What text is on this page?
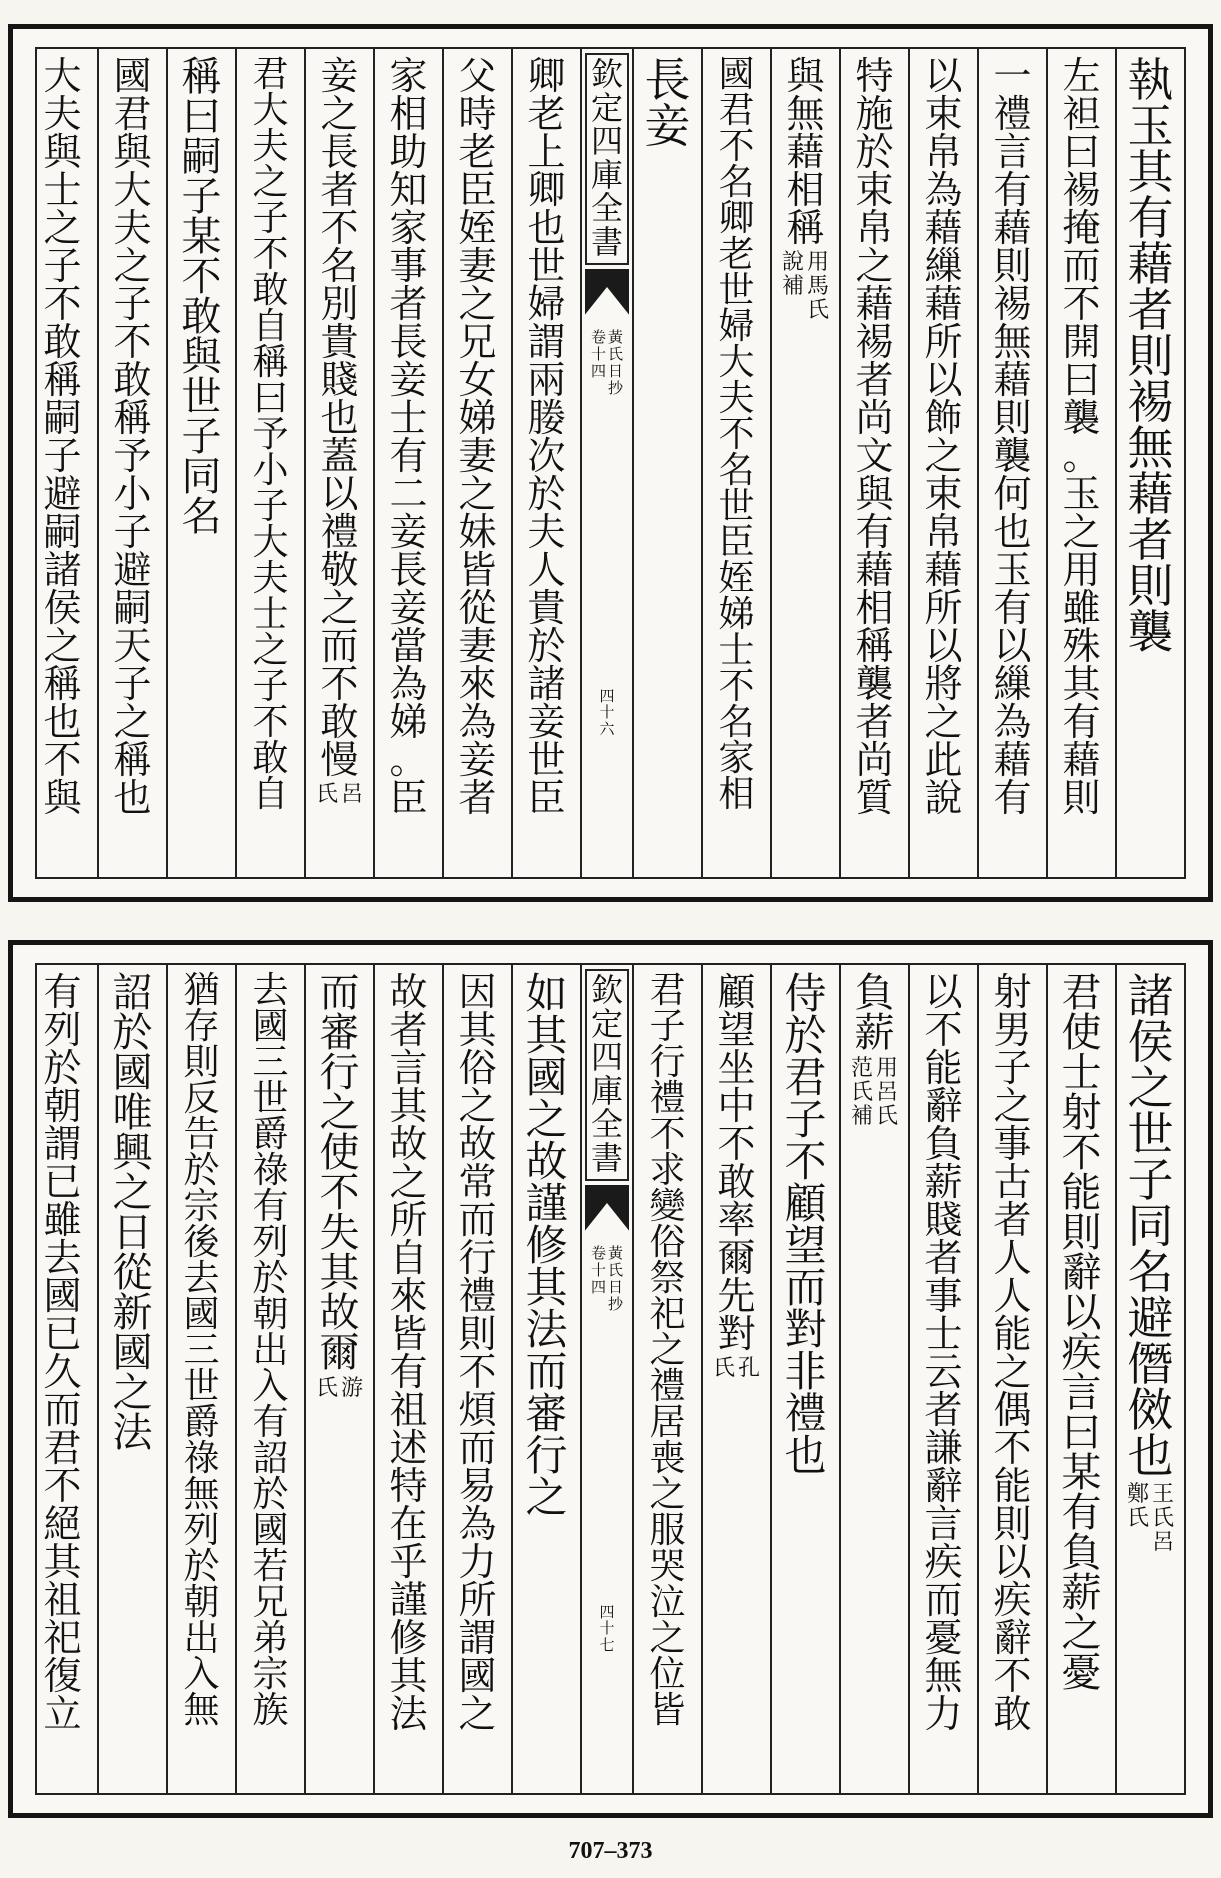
執
玉
其
有
藉
者
則
裼
無
藉
者
則
襲
左
袒
曰
裼
掩
而
不
開
曰
襲
。
玉
之
用
雖
殊
其
有
藉
則
一
禮
言
有
藉
則
裼
無
藉
則
襲
何
也
玉
有
以
繅
為
藉
有
以
束
帛
為
藉
繅
藉
所
以
飾
之
束
帛
藉
所
以
將
之
此
說
特
施
於
束
帛
之
藉
裼
者
尚
文
與
有
藉
相
稱
襲
者
尚
質
與
無
藉
相
稱
用
馬
氏
說
補
國
君
不
名
卿
老
世
婦
大
夫
不
名
世
臣
姪
娣
士
不
名
家
相
長
妾
欽
定
四
庫
全
書
黃
氏
日
抄
卷
十
四
四
十
六
卿
老
上
卿
也
世
婦
謂
兩
媵
次
於
夫
人
貴
於
諸
妾
世
臣
父
時
老
臣
姪
妻
之
兄
女
娣
妻
之
妹
皆
從
妻
來
為
妾
者
家
相
助
知
家
事
者
長
妾
士
有
二
妾
長
妾
當
為
娣
。
臣
妾
之
長
者
不
名
別
貴
賤
也
蓋
以
禮
敬
之
而
不
敢
慢
呂
氏
君
大
夫
之
子
不
敢
自
稱
曰
予
小
子
大
夫
士
之
子
不
敢
自
稱
曰
嗣
子
某
不
敢
與
世
子
同
名
國
君
與
大
夫
之
子
不
敢
稱
予
小
子
避
嗣
天
子
之
稱
也
大
夫
與
士
之
子
不
敢
稱
嗣
子
避
嗣
諸
侯
之
稱
也
不
與
諸
侯
之
世
子
同
名
避
僭
傚
也
王
氏
呂
鄭
氏
君
使
士
射
不
能
則
辭
以
疾
言
曰
某
有
負
薪
之
憂
射
男
子
之
事
古
者
人
人
能
之
偶
不
能
則
以
疾
辭
不
敢
以
不
能
辭
負
薪
賤
者
事
士
云
者
謙
辭
言
疾
而
憂
無
力
負
薪
用
呂
氏
范
氏
補
侍
於
君
子
不
顧
望
而
對
非
禮
也
顧
望
坐
中
不
敢
率
爾
先
對
孔
氏
君
子
行
禮
不
求
變
俗
祭
祀
之
禮
居
喪
之
服
哭
泣
之
位
皆
欽
定
四
庫
全
書
黃
氏
日
抄
卷
十
四
四
十
七
如
其
國
之
故
謹
修
其
法
而
審
行
之
因
其
俗
之
故
常
而
行
禮
則
不
煩
而
易
為
力
所
謂
國
之
故
者
言
其
故
之
所
自
來
皆
有
祖
述
特
在
乎
謹
修
其
法
而
審
行
之
使
不
失
其
故
爾
游
氏
去
國
三
世
爵
祿
有
列
於
朝
出
入
有
詔
於
國
若
兄
弟
宗
族
猶
存
則
反
告
於
宗
後
去
國
三
世
爵
祿
無
列
於
朝
出
入
無
詔
於
國
唯
興
之
日
從
新
國
之
法
有
列
於
朝
謂
已
雖
去
國
已
久
而
君
不
絕
其
祖
祀
復
立
707–373
